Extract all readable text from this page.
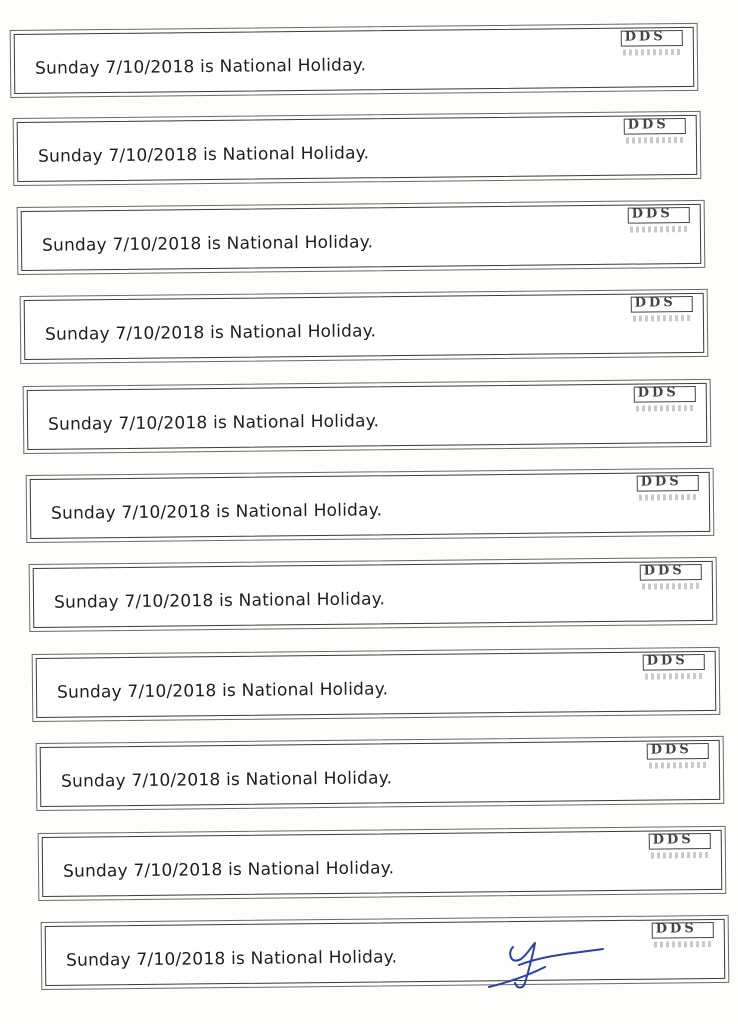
Sunday 7/10/2018 is National Holiday.
DDS
Sunday 7/10/2018 is National Holiday.
DDS
Sunday 7/10/2018 is National Holiday.
DDS
Sunday 7/10/2018 is National Holiday.
DDS
Sunday 7/10/2018 is National Holiday.
DDS
Sunday 7/10/2018 is National Holiday.
DDS
Sunday 7/10/2018 is National Holiday.
DDS
Sunday 7/10/2018 is National Holiday.
DDS
Sunday 7/10/2018 is National Holiday.
DDS
Sunday 7/10/2018 is National Holiday.
DDS
Sunday 7/10/2018 is National Holiday.
DDS
